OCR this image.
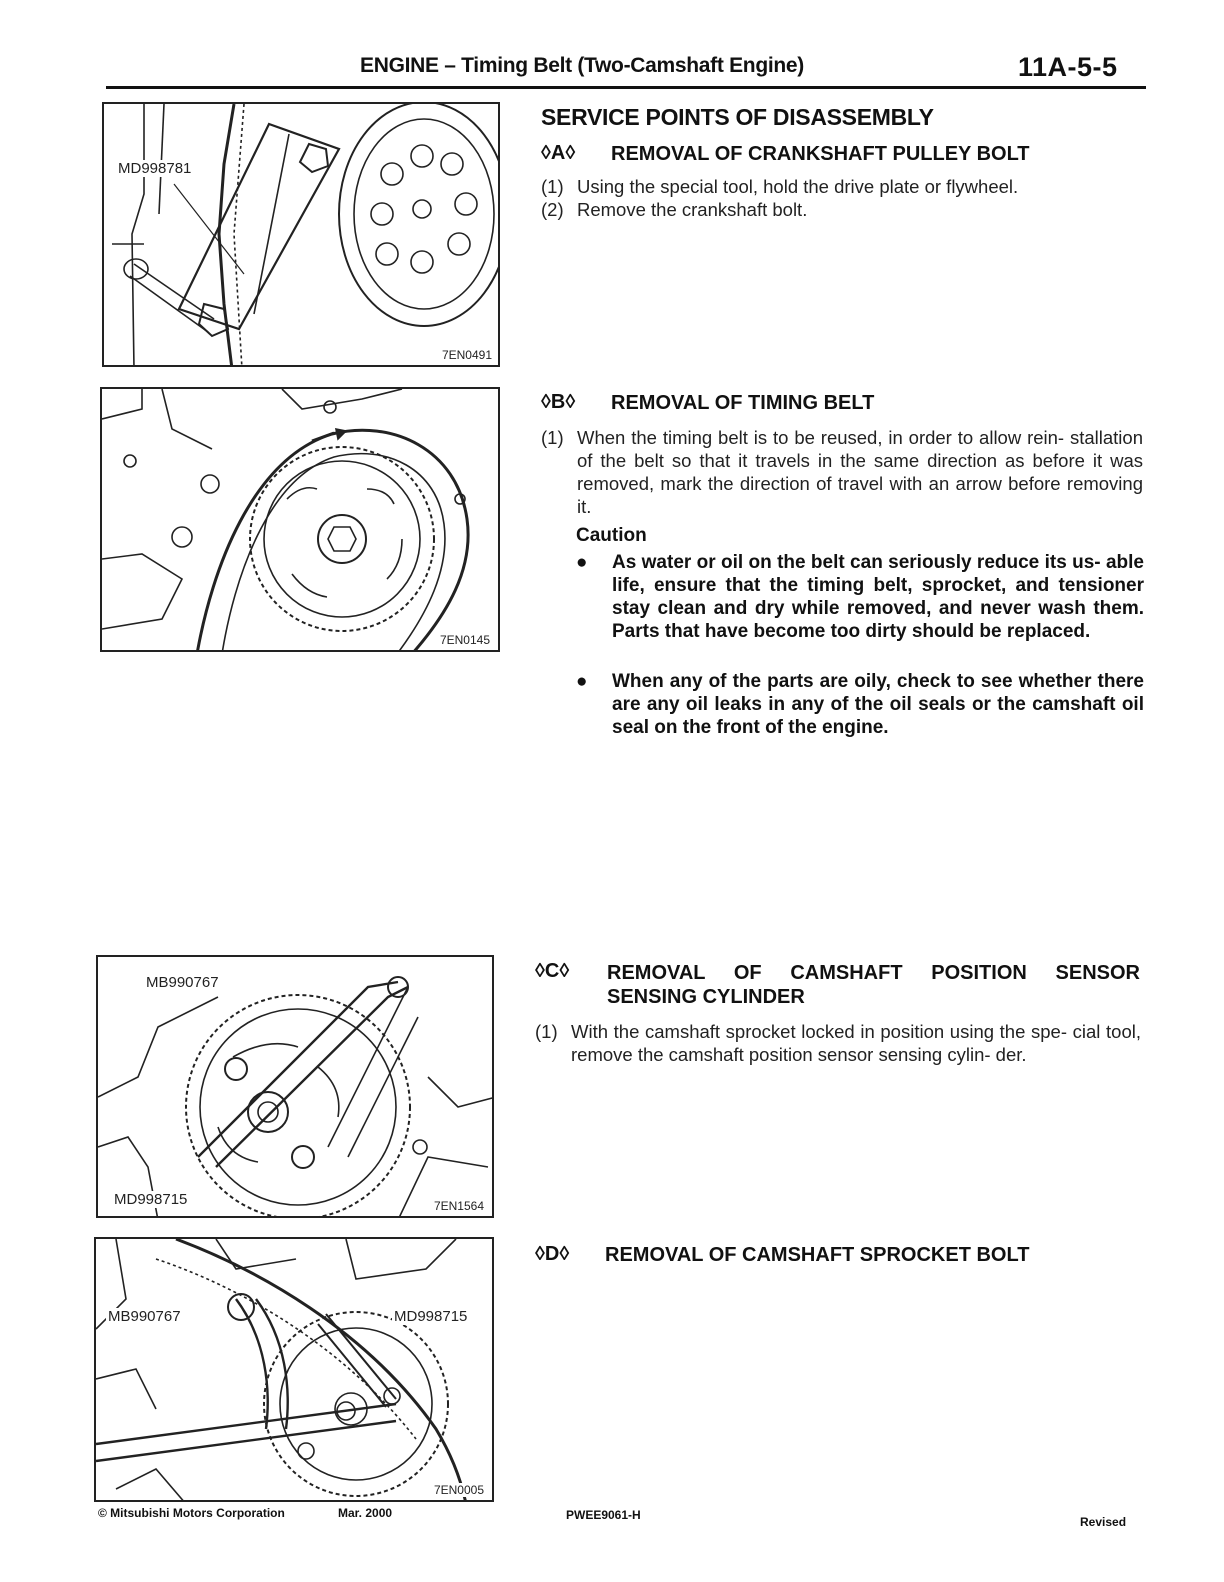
ENGINE – Timing Belt (Two-Camshaft Engine)	11A-5-5
MD998781
7EN0491
7EN0145
MB990767
MD998715	7EN1564
MB990767	MD998715
7EN0005
SERVICE POINTS OF DISASSEMBLY
◊A◊ REMOVAL OF CRANKSHAFT PULLEY BOLT
(1) Using the special tool, hold the drive plate or flywheel.
(2) Remove the crankshaft bolt.
◊B◊ REMOVAL OF TIMING BELT
(1) When the timing belt is to be reused, in order to allow rein- stallation of the belt so that it travels in the same direction as before it was removed, mark the direction of travel with an arrow before removing it.
Caution
● As water or oil on the belt can seriously reduce its us- able life, ensure that the timing belt, sprocket, and tensioner stay clean and dry while removed, and never wash them. Parts that have become too dirty should be replaced.
● When any of the parts are oily, check to see whether there are any oil leaks in any of the oil seals or the camshaft oil seal on the front of the engine.
◊C◊ REMOVAL OF CAMSHAFT POSITION SENSOR
SENSING CYLINDER
(1) With the camshaft sprocket locked in position using the spe- cial tool, remove the camshaft position sensor sensing cylin- der.
◊D◊ REMOVAL OF CAMSHAFT SPROCKET BOLT
© Mitsubishi Motors Corporation	Mar. 2000	PWEE9061-H	Revised
